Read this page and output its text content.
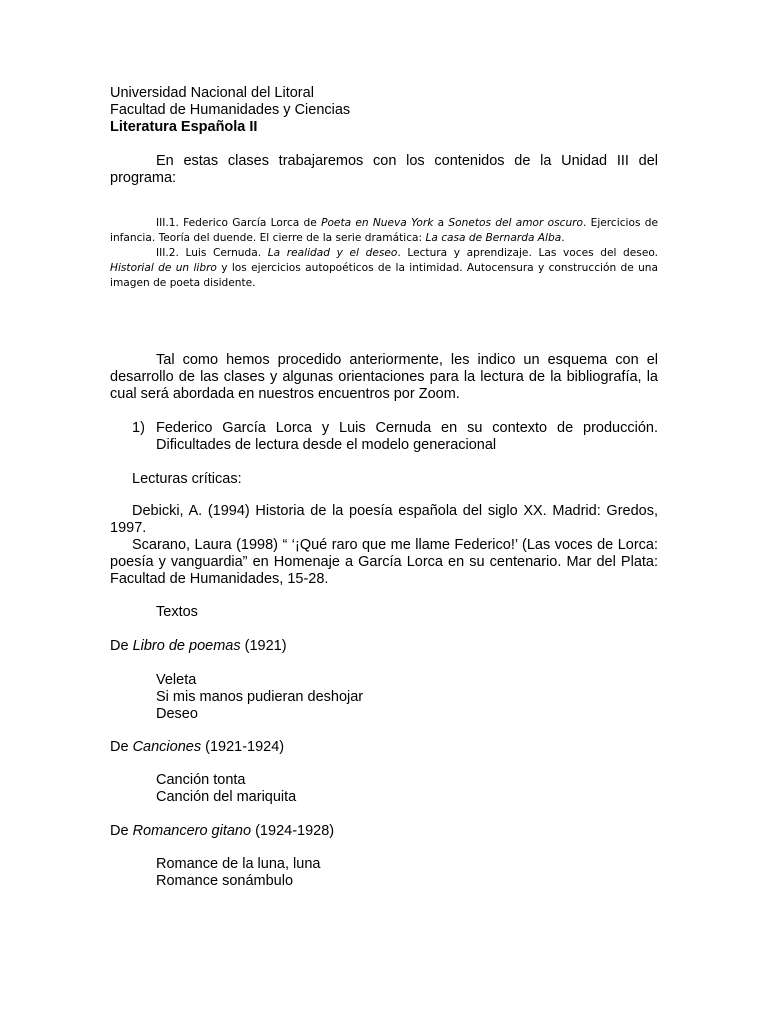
Universidad Nacional del Litoral
Facultad de Humanidades y Ciencias
Literatura Española II

En estas clases trabajaremos con los contenidos de la Unidad III del programa:

III.1. Federico García Lorca de Poeta en Nueva York a Sonetos del amor oscuro. Ejercicios de infancia. Teoría del duende. El cierre de la serie dramática: La casa de Bernarda Alba.

III.2. Luis Cernuda. La realidad y el deseo. Lectura y aprendizaje. Las voces del deseo. Historial de un libro y los ejercicios autopoéticos de la intimidad. Autocensura y construcción de una imagen de poeta disidente.

Tal como hemos procedido anteriormente, les indico un esquema con el desarrollo de las clases y algunas orientaciones para la lectura de la bibliografía, la cual será abordada en nuestros encuentros por Zoom.

1) Federico García Lorca y Luis Cernuda en su contexto de producción. Dificultades de lectura desde el modelo generacional

Lecturas críticas:

Debicki, A. (1994) Historia de la poesía española del siglo XX. Madrid: Gredos, 1997.

Scarano, Laura (1998) “ ‘¡Qué raro que me llame Federico!’ (Las voces de Lorca: poesía y vanguardia” en Homenaje a García Lorca en su centenario. Mar del Plata: Facultad de Humanidades, 15-28.

Textos
De Libro de poemas (1921)
Veleta
Si mis manos pudieran deshojar
Deseo
De Canciones (1921-1924)
Canción tonta
Canción del mariquita
De Romancero gitano (1924-1928)
Romance de la luna, luna
Romance sonámbulo
